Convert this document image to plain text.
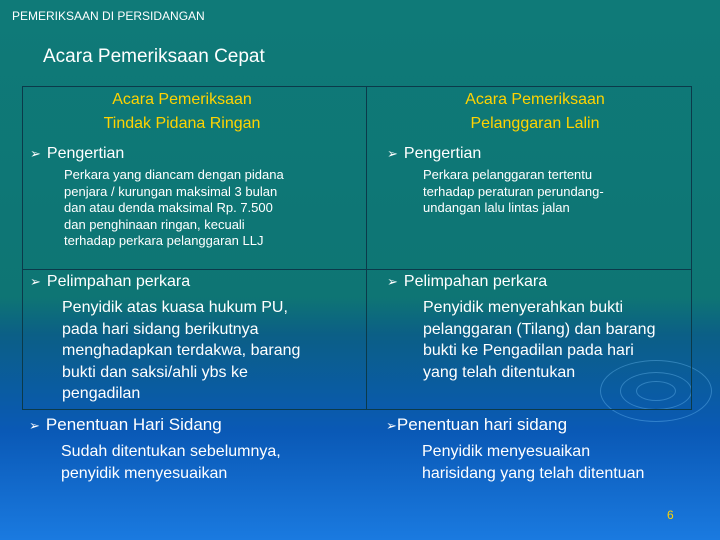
PEMERIKSAAN DI PERSIDANGAN
Acara Pemeriksaan Cepat
Acara Pemeriksaan
Tindak Pidana Ringan
➢ Pengertian
Perkara yang diancam dengan pidana
penjara / kurungan maksimal 3 bulan
dan atau denda maksimal Rp. 7.500
dan penghinaan ringan, kecuali
terhadap perkara pelanggaran LLJ
➢ Pelimpahan perkara
Penyidik atas kuasa hukum PU,
pada hari sidang berikutnya
menghadapkan terdakwa, barang
bukti dan saksi/ahli ybs ke
pengadilan
Acara Pemeriksaan
Pelanggaran Lalin
➢ Pengertian
Perkara pelanggaran tertentu
terhadap peraturan perundang-
undangan lalu lintas jalan
➢ Pelimpahan perkara
Penyidik menyerahkan bukti
pelanggaran (Tilang) dan barang
bukti ke Pengadilan pada hari
yang telah ditentukan
➢ Penentuan Hari Sidang
Sudah ditentukan sebelumnya,
penyidik menyesuaikan
➢Penentuan hari sidang
Penyidik menyesuaikan
harisidang yang telah ditentuan
6
